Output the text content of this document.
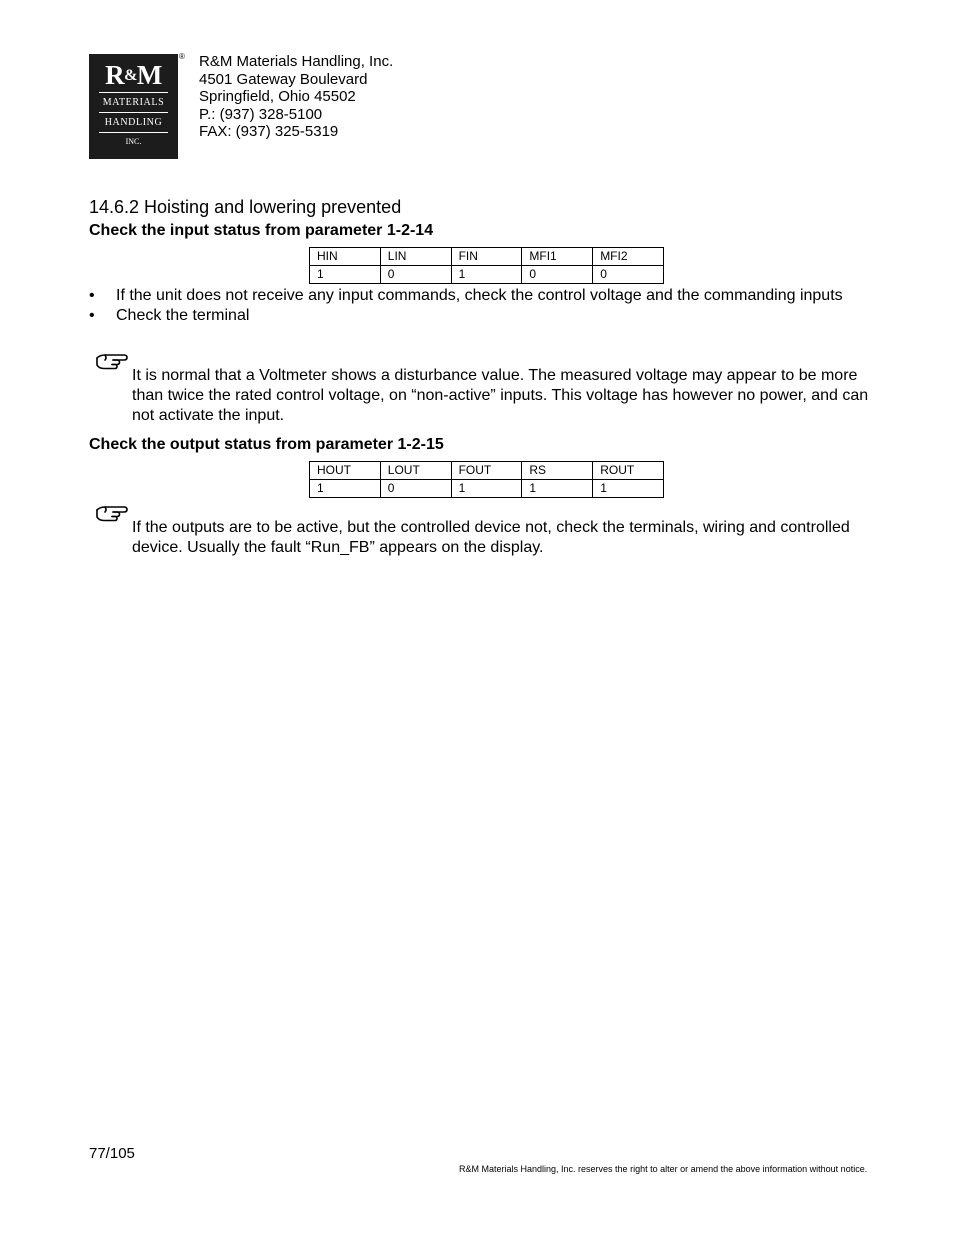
R&M
MATERIALS
HANDLING
INC.
® R&M Materials Handling, Inc.
4501 Gateway Boulevard
Springfield, Ohio 45502
P.: (937) 328-5100
FAX: (937) 325-5319
14.6.2 Hoisting and lowering prevented
Check the input status from parameter 1-2-14
HIN	LIN	FIN	MFI1	MFI2
1	0	1	0	0
• If the unit does not receive any input commands, check the control voltage and the commanding inputs
• Check the terminal
It is normal that a Voltmeter shows a disturbance value. The measured voltage may appear to be more than twice the rated control voltage, on “non-active” inputs. This voltage has however no power, and can not activate the input.
Check the output status from parameter 1-2-15
HOUT	LOUT	FOUT	RS	ROUT
1	0	1	1	1
If the outputs are to be active, but the controlled device not, check the terminals, wiring and controlled device. Usually the fault “Run_FB” appears on the display.
77/105
R&M Materials Handling, Inc. reserves the right to alter or amend the above information without notice.
